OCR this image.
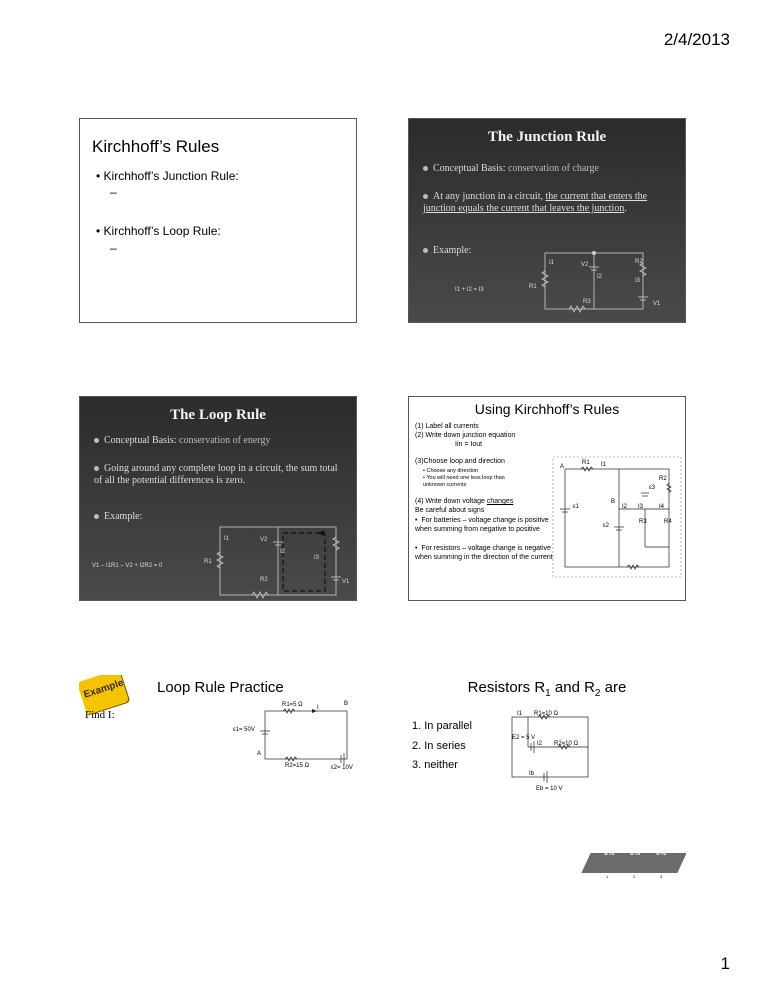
2/4/2013
Kirchhoff’s Rules
• Kirchhoff’s Junction Rule:
–
• Kirchhoff’s Loop Rule:
–
The Junction Rule
Conceptual Basis: conservation of charge
At any junction in a circuit, the current that enters the junction equals the current that leaves the junction.
Example:
I1 + I2 = I3
I1	V2	R2
I2
I3
R1
R3	V1
The Loop Rule
Conceptual Basis: conservation of energy
Going around any complete loop in a circuit, the sum total of all the potential differences is zero.
Example:
V1 – I1R1 – V2 + I2R2 = 0
I1	V2
I2
I3
R1
R2	V1
Using Kirchhoff’s Rules
(1) Label all currents
(2) Write down junction equation
Iin = Iout
(3)Choose loop and direction
• Choose any direction
• You will need one less loop than unknown currents
(4) Write down voltage changes
Be careful about signs
•  For batteries – voltage change is positive when summing from negative to positive
•  For resistors – voltage change is negative when summing in the direction of the current
A
R1 I1
ε1
B
I2
ε2
ε3
R2
I3	I4
R3	R4
Example Loop Rule Practice
Find I:
R1=5 Ω I
B
ε1= 50V
A
R2=15 Ω	ε2= 10V
Resistors $R_1$ and $R_2$ are
1. In parallel
2. In series
3. neither
I1 R1=10 Ω
E2 = 5 V
I2 R2=10 Ω
Ib
Eb = 10 V
0% 0% 0%
1	2	3
1
